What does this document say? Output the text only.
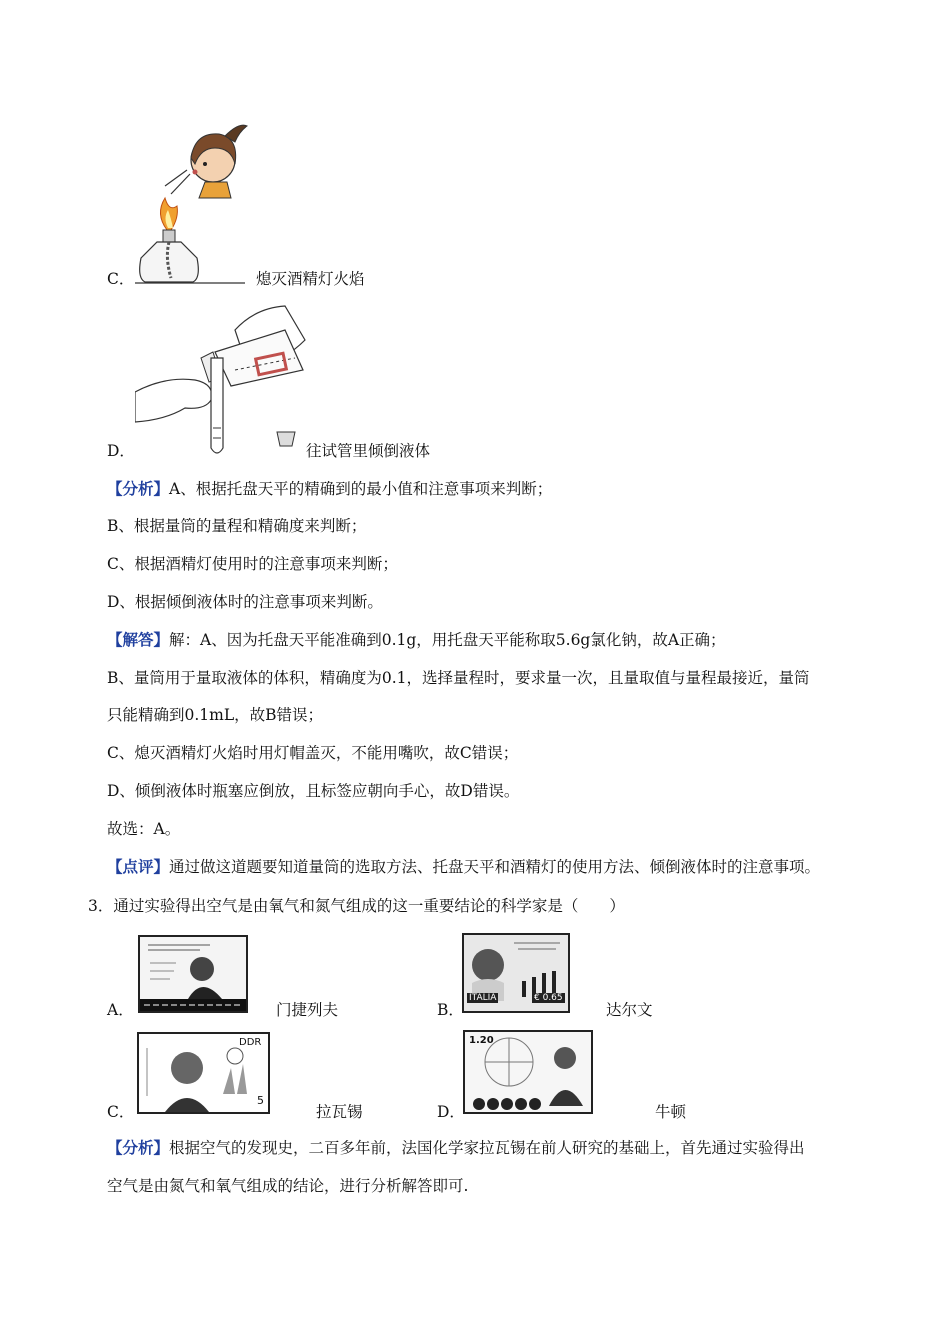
C．	熄灭酒精灯火焰
D．	往试管里倾倒液体
【分析】A、根据托盘天平的精确到的最小值和注意事项来判断；
B、根据量筒的量程和精确度来判断；
C、根据酒精灯使用时的注意事项来判断；
D、根据倾倒液体时的注意事项来判断。
【解答】解：A、因为托盘天平能准确到0.1g，用托盘天平能称取5.6g氯化钠，故A正确；
B、量筒用于量取液体的体积，精确度为0.1，选择量程时，要求量一次，且量取值与量程最接近，量筒
只能精确到0.1mL，故B错误；
C、熄灭酒精灯火焰时用灯帽盖灭，不能用嘴吹，故C错误；
D、倾倒液体时瓶塞应倒放，且标签应朝向手心，故D错误。
故选：A。
【点评】通过做这道题要知道量筒的选取方法、托盘天平和酒精灯的使用方法、倾倒液体时的注意事项。
3．通过实验得出空气是由氧气和氮气组成的这一重要结论的科学家是（　　）
A．	门捷列夫
ITALIA	€ 0.65
B．	达尔文
DDR
5
C．	拉瓦锡
1.20
D．	牛顿
【分析】根据空气的发现史，二百多年前，法国化学家拉瓦锡在前人研究的基础上，首先通过实验得出
空气是由氮气和氧气组成的结论，进行分析解答即可.
